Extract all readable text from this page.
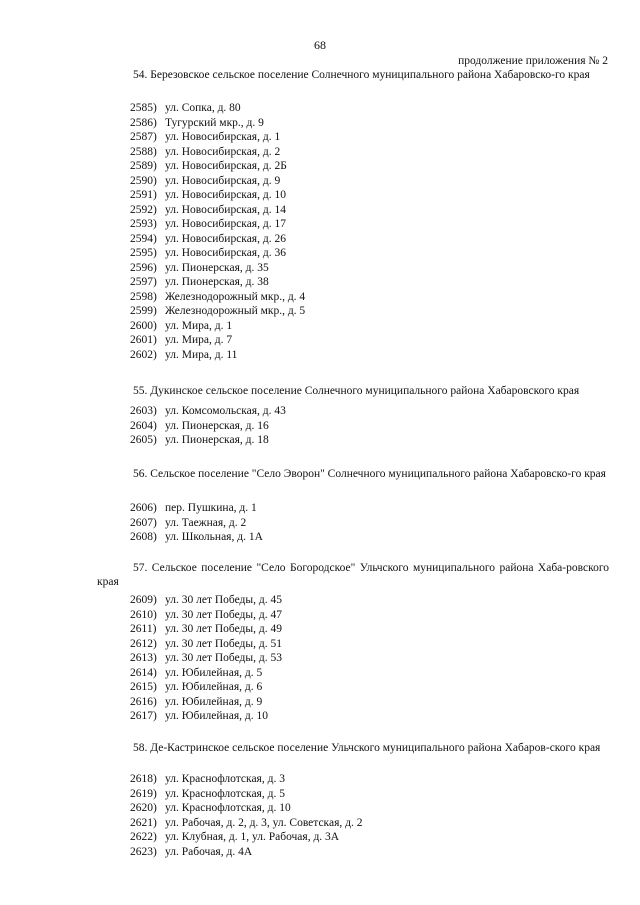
68
продолжение приложения № 2
54. Березовское сельское поселение Солнечного муниципального района Хабаровско-го края
2585) ул. Сопка, д. 80
2586) Тугурский мкр., д. 9
2587) ул. Новосибирская, д. 1
2588) ул. Новосибирская, д. 2
2589) ул. Новосибирская, д. 2Б
2590) ул. Новосибирская, д. 9
2591) ул. Новосибирская, д. 10
2592) ул. Новосибирская, д. 14
2593) ул. Новосибирская, д. 17
2594) ул. Новосибирская, д. 26
2595) ул. Новосибирская, д. 36
2596) ул. Пионерская, д. 35
2597) ул. Пионерская, д. 38
2598) Железнодорожный мкр., д. 4
2599) Железнодорожный мкр., д. 5
2600) ул. Мира, д. 1
2601) ул. Мира, д. 7
2602) ул. Мира, д. 11
55. Дукинское сельское поселение Солнечного муниципального района Хабаровского края
2603) ул. Комсомольская, д. 43
2604) ул. Пионерская, д. 16
2605) ул. Пионерская, д. 18
56. Сельское поселение "Село Эворон" Солнечного муниципального района Хабаровско-го края
2606) пер. Пушкина, д. 1
2607) ул. Таежная, д. 2
2608) ул. Школьная, д. 1А
57. Сельское поселение "Село Богородское" Ульчского муниципального района Хаба-ровского края
2609) ул. 30 лет Победы, д. 45
2610) ул. 30 лет Победы, д. 47
2611) ул. 30 лет Победы, д. 49
2612) ул. 30 лет Победы, д. 51
2613) ул. 30 лет Победы, д. 53
2614) ул. Юбилейная, д. 5
2615) ул. Юбилейная, д. 6
2616) ул. Юбилейная, д. 9
2617) ул. Юбилейная, д. 10
58. Де-Кастринское сельское поселение Ульчского муниципального района Хабаров-ского края
2618) ул. Краснофлотская, д. 3
2619) ул. Краснофлотская, д. 5
2620) ул. Краснофлотская, д. 10
2621) ул. Рабочая, д. 2, д. 3, ул. Советская, д. 2
2622) ул. Клубная, д. 1, ул. Рабочая, д. 3А
2623) ул. Рабочая, д. 4А
